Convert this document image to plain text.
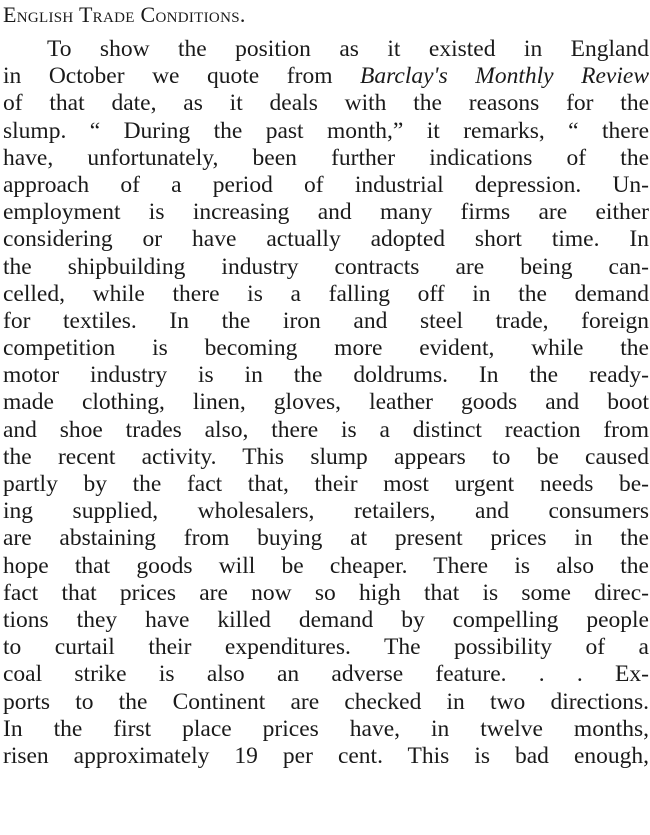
English Trade Conditions.
To show the position as it existed in England
in October we quote from Barclay's Monthly Review
of that date, as it deals with the reasons for the
slump. “ During the past month,” it remarks, “ there
have, unfortunately, been further indications of the
approach of a period of industrial depression. Un-
employment is increasing and many firms are either
considering or have actually adopted short time. In
the shipbuilding industry contracts are being can-
celled, while there is a falling off in the demand
for textiles. In the iron and steel trade, foreign
competition is becoming more evident, while the
motor industry is in the doldrums. In the ready-
made clothing, linen, gloves, leather goods and boot
and shoe trades also, there is a distinct reaction from
the recent activity. This slump appears to be caused
partly by the fact that, their most urgent needs be-
ing supplied, wholesalers, retailers, and consumers
are abstaining from buying at present prices in the
hope that goods will be cheaper. There is also the
fact that prices are now so high that is some direc-
tions they have killed demand by compelling people
to curtail their expenditures. The possibility of a
coal strike is also an adverse feature. . . Ex-
ports to the Continent are checked in two directions.
In the first place prices have, in twelve months,
risen approximately 19 per cent. This is bad enough,
